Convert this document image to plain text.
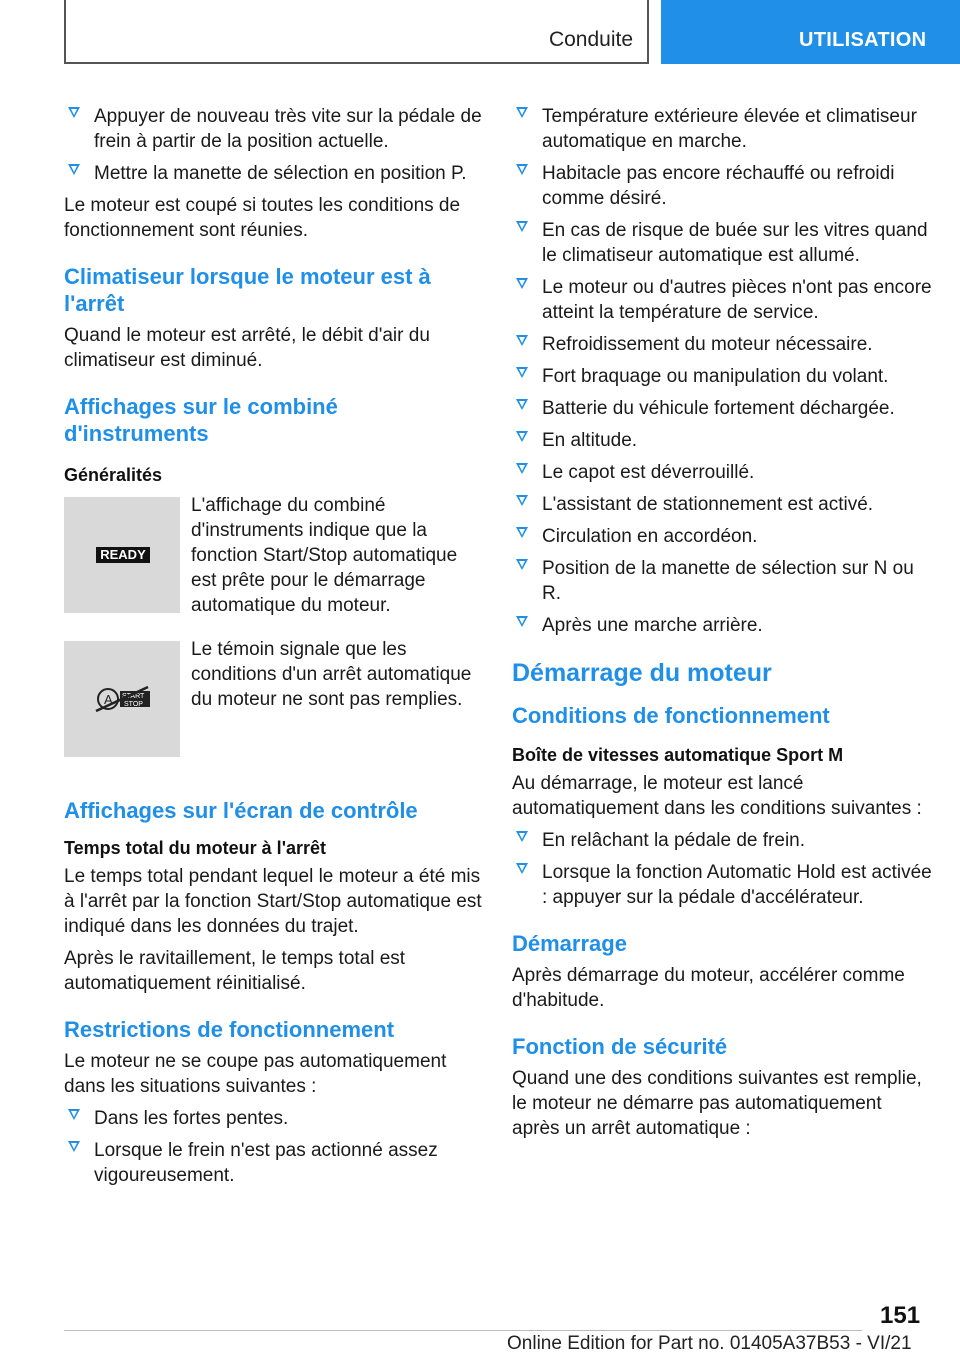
Conduite	UTILISATION
Appuyer de nouveau très vite sur la pédale de frein à partir de la position actuelle.
Mettre la manette de sélection en position P.

Le moteur est coupé si toutes les conditions de fonctionnement sont réunies.

Climatiseur lorsque le moteur est à l'arrêt

Quand le moteur est arrêté, le débit d'air du climatiseur est diminué.

Affichages sur le combiné d'instruments
Généralités
READY
L'affichage du combiné d'instruments indique que la fonction Start/Stop automatique est prête pour le démarrage automatique du moteur.
A START
STOP
Le témoin signale que les conditions d'un arrêt automatique du moteur ne sont pas remplies.
Affichages sur l'écran de contrôle
Temps total du moteur à l'arrêt

Le temps total pendant lequel le moteur a été mis à l'arrêt par la fonction Start/Stop automatique est indiqué dans les données du trajet.

Après le ravitaillement, le temps total est automatiquement réinitialisé.

Restrictions de fonctionnement

Le moteur ne se coupe pas automatiquement dans les situations suivantes :

Dans les fortes pentes.
Lorsque le frein n'est pas actionné assez vigoureusement.
Température extérieure élevée et climatiseur automatique en marche.
Habitacle pas encore réchauffé ou refroidi comme désiré.
En cas de risque de buée sur les vitres quand le climatiseur automatique est allumé.
Le moteur ou d'autres pièces n'ont pas encore atteint la température de service.
Refroidissement du moteur nécessaire.
Fort braquage ou manipulation du volant.
Batterie du véhicule fortement déchargée.
En altitude.
Le capot est déverrouillé.
L'assistant de stationnement est activé.
Circulation en accordéon.
Position de la manette de sélection sur N ou R.
Après une marche arrière.
Démarrage du moteur
Conditions de fonctionnement
Boîte de vitesses automatique Sport M

Au démarrage, le moteur est lancé automatiquement dans les conditions suivantes :

En relâchant la pédale de frein.
Lorsque la fonction Automatic Hold est activée : appuyer sur la pédale d'accélérateur.
Démarrage

Après démarrage du moteur, accélérer comme d'habitude.

Fonction de sécurité

Quand une des conditions suivantes est remplie, le moteur ne démarre pas automatiquement après un arrêt automatique :

151
Online Edition for Part no. 01405A37B53 - VI/21
